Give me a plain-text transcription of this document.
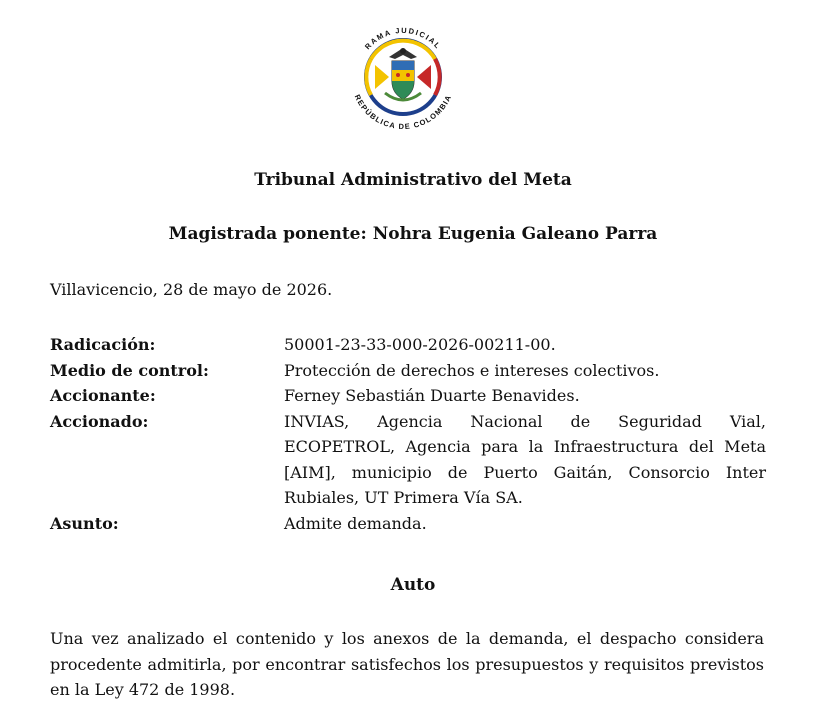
RAMA JUDICIAL
REPÚBLICA DE COLOMBIA
Tribunal Administrativo del Meta
Magistrada ponente: Nohra Eugenia Galeano Parra
Villavicencio, 28 de mayo de 2026.
Radicación:	50001-23-33-000-2026-00211-00.
Medio de control:	Protección de derechos e intereses colectivos.
Accionante:	Ferney Sebastián Duarte Benavides.
Accionado:	INVIAS, Agencia Nacional de Seguridad Vial, ECOPETROL, Agencia para la Infraestructura del Meta [AIM], municipio de Puerto Gaitán, Consorcio Inter Rubiales, UT Primera Vía SA.
Asunto:	Admite demanda.
Auto
Una vez analizado el contenido y los anexos de la demanda, el despacho considera procedente admitirla, por encontrar satisfechos los presupuestos y requisitos previstos en la Ley 472 de 1998.
